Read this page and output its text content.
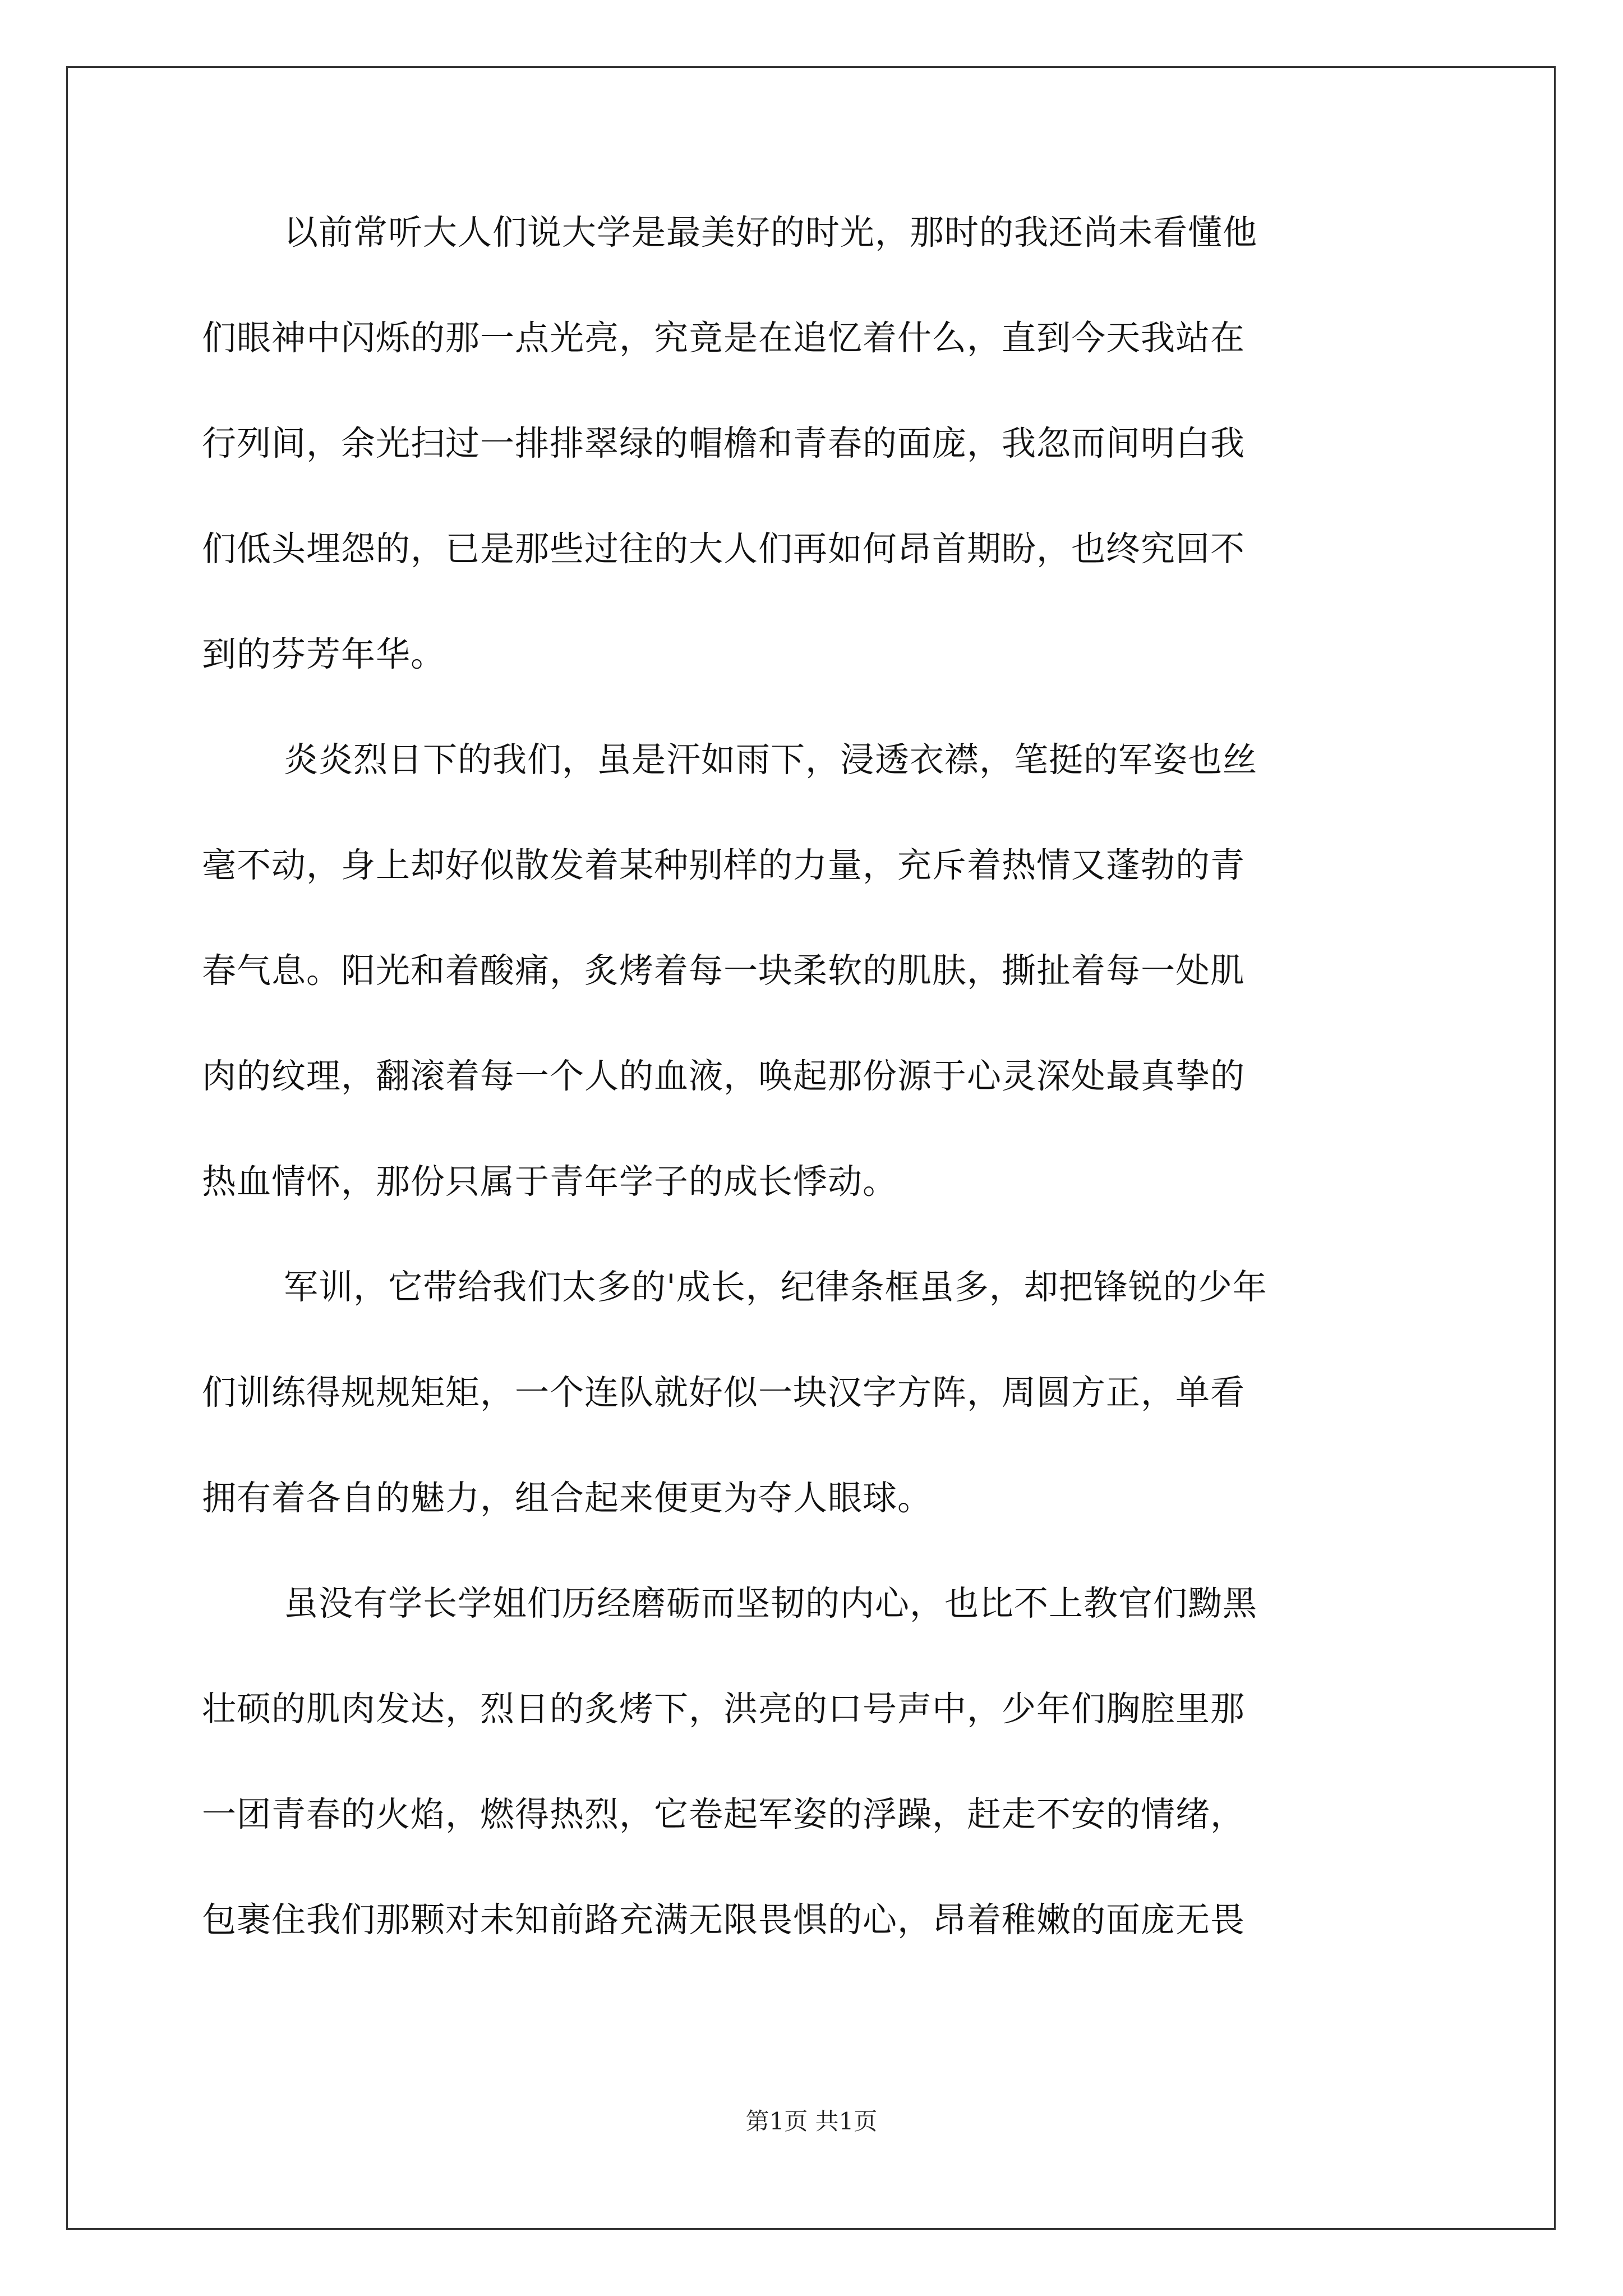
以前常听大人们说大学是最美好的时光，那时的我还尚未看懂他
们眼神中闪烁的那一点光亮，究竟是在追忆着什么，直到今天我站在
行列间，余光扫过一排排翠绿的帽檐和青春的面庞，我忽而间明白我
们低头埋怨的，已是那些过往的大人们再如何昂首期盼，也终究回不
到的芬芳年华。
炎炎烈日下的我们，虽是汗如雨下，浸透衣襟，笔挺的军姿也丝
毫不动，身上却好似散发着某种别样的力量，充斥着热情又蓬勃的青
春气息。阳光和着酸痛，炙烤着每一块柔软的肌肤，撕扯着每一处肌
肉的纹理，翻滚着每一个人的血液，唤起那份源于心灵深处最真挚的
热血情怀，那份只属于青年学子的成长悸动。
军训，它带给我们太多的'成长，纪律条框虽多，却把锋锐的少年
们训练得规规矩矩，一个连队就好似一块汉字方阵，周圆方正，单看
拥有着各自的魅力，组合起来便更为夺人眼球。
虽没有学长学姐们历经磨砺而坚韧的内心，也比不上教官们黝黑
壮硕的肌肉发达，烈日的炙烤下，洪亮的口号声中，少年们胸腔里那
一团青春的火焰，燃得热烈，它卷起军姿的浮躁，赶走不安的情绪，
包裹住我们那颗对未知前路充满无限畏惧的心，昂着稚嫩的面庞无畏
第1页 共1页
